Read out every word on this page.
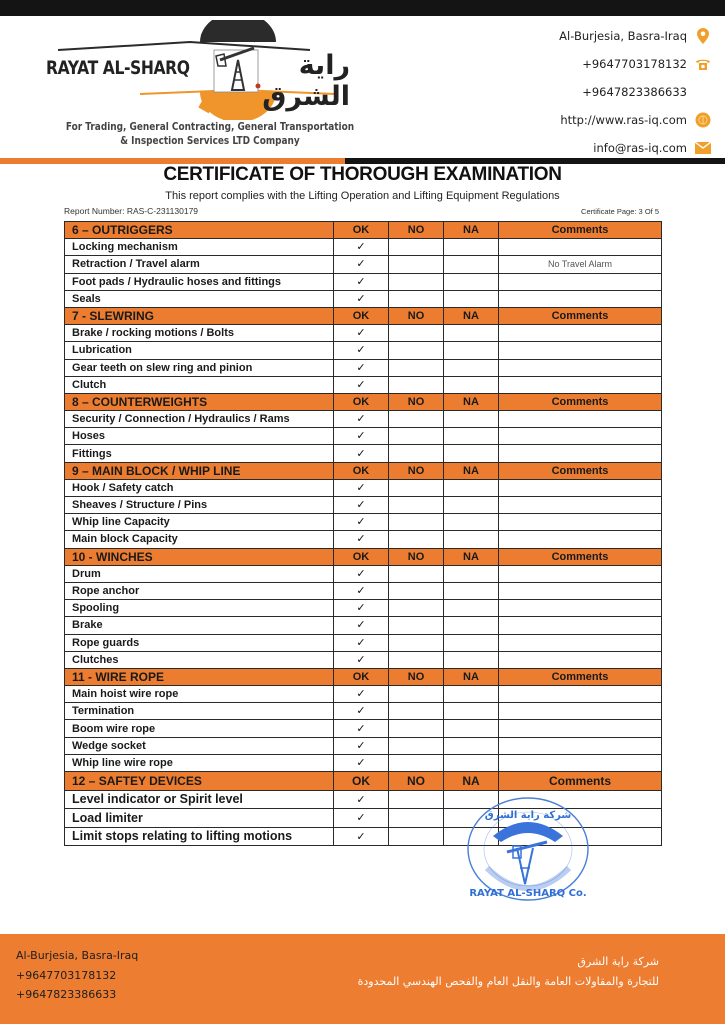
RAYAT AL-SHARQ	راية الشرق
For Trading, General Contracting, General Transportation
& Inspection Services LTD Company
Al-Burjesia, Basra-Iraq
+9647703178132
+9647823386633
http://www.ras-iq.com
info@ras-iq.com
CERTIFICATE OF THOROUGH EXAMINATION
This report complies with the Lifting Operation and Lifting Equipment Regulations
Report Number: RAS-C-231130179	Certificate Page: 3 Of 5
6 – OUTRIGGERS	OK	NO	NA	Comments
Locking mechanism	✓			
Retraction / Travel alarm	✓			No Travel Alarm
Foot pads / Hydraulic hoses and fittings	✓			
Seals	✓			
7 - SLEWRING	OK	NO	NA	Comments
Brake / rocking motions / Bolts	✓			
Lubrication	✓			
Gear teeth on slew ring and pinion	✓			
Clutch	✓			
8 – COUNTERWEIGHTS	OK	NO	NA	Comments
Security / Connection / Hydraulics / Rams	✓			
Hoses	✓			
Fittings	✓			
9 – MAIN BLOCK / WHIP LINE	OK	NO	NA	Comments
Hook / Safety catch	✓			
Sheaves / Structure / Pins	✓			
Whip line Capacity	✓			
Main block Capacity	✓			
10 - WINCHES	OK	NO	NA	Comments
Drum	✓			
Rope anchor	✓			
Spooling	✓			
Brake	✓			
Rope guards	✓			
Clutches	✓			
11 - WIRE ROPE	OK	NO	NA	Comments
Main hoist wire rope	✓			
Termination	✓			
Boom wire rope	✓			
Wedge socket	✓			
Whip line wire rope	✓			
12 – SAFTEY DEVICES	OK	NO	NA	Comments
Level indicator or Spirit level	✓			
Load limiter	✓			
Limit stops relating to lifting motions	✓			
RAYAT AL-SHARQ Co.
شركة راية الشرق
Al-Burjesia, Basra-Iraq
+9647703178132
+9647823386633
شركة راية الشرق
للتجارة والمقاولات العامة والنقل العام والفحص الهندسي المحدودة
